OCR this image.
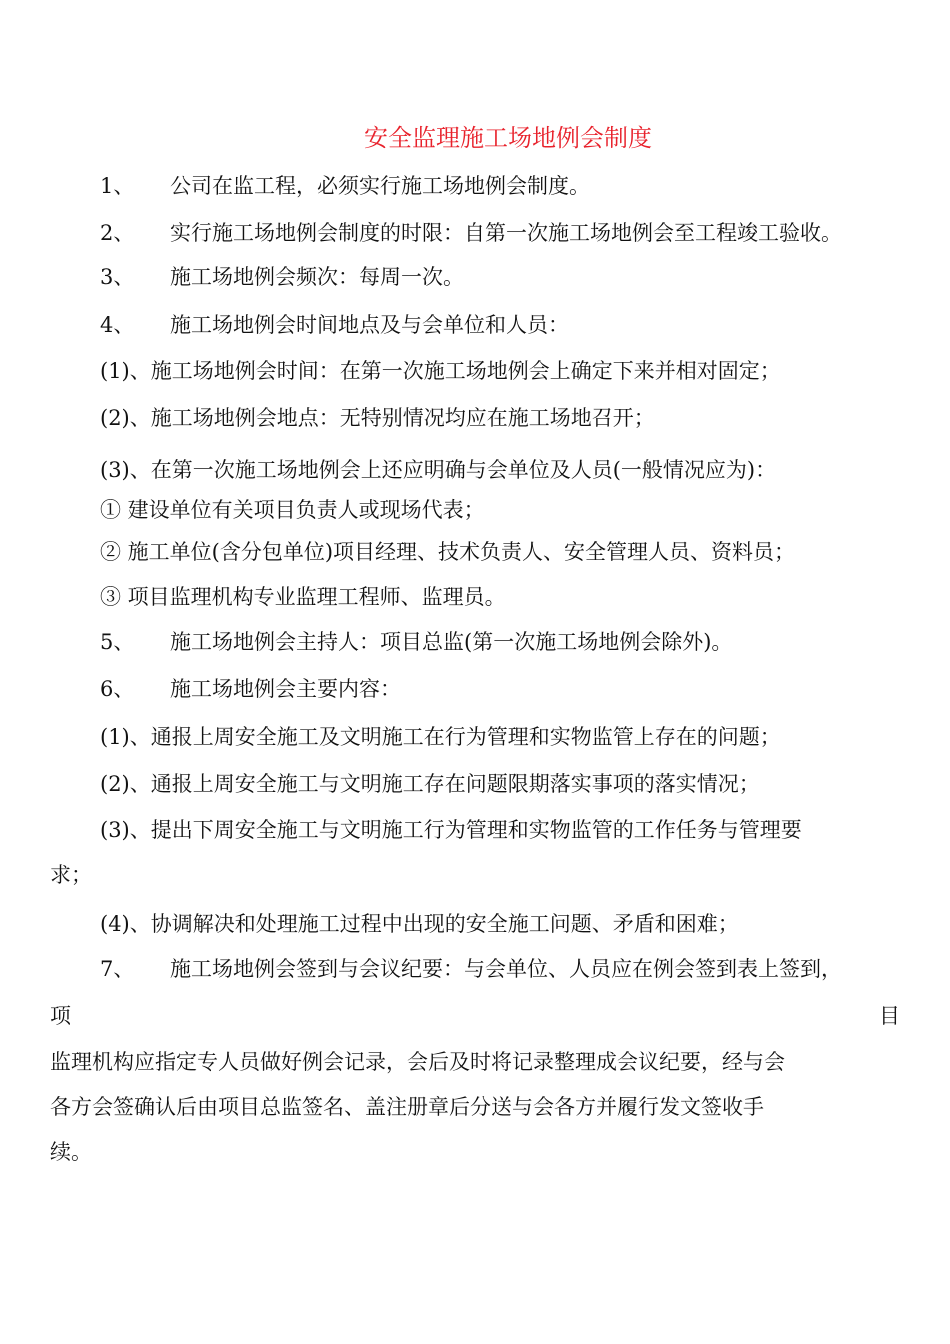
安全监理施工场地例会制度
1、 公司在监工程，必须实行施工场地例会制度。
2、 实行施工场地例会制度的时限：自第一次施工场地例会至工程竣工验收。
3、 施工场地例会频次：每周一次。
4、 施工场地例会时间地点及与会单位和人员：
(1)、施工场地例会时间：在第一次施工场地例会上确定下来并相对固定；
(2)、施工场地例会地点：无特别情况均应在施工场地召开；
(3)、在第一次施工场地例会上还应明确与会单位及人员(一般情况应为)：
① 建设单位有关项目负责人或现场代表；
② 施工单位(含分包单位)项目经理、技术负责人、安全管理人员、资料员；
③ 项目监理机构专业监理工程师、监理员。
5、 施工场地例会主持人：项目总监(第一次施工场地例会除外)。
6、 施工场地例会主要内容：
(1)、通报上周安全施工及文明施工在行为管理和实物监管上存在的问题；
(2)、通报上周安全施工与文明施工存在问题限期落实事项的落实情况；
(3)、提出下周安全施工与文明施工行为管理和实物监管的工作任务与管理要
求；
(4)、协调解决和处理施工过程中出现的安全施工问题、矛盾和困难；
7、 施工场地例会签到与会议纪要：与会单位、人员应在例会签到表上签到，
项	目
监理机构应指定专人员做好例会记录，会后及时将记录整理成会议纪要，经与会
各方会签确认后由项目总监签名、盖注册章后分送与会各方并履行发文签收手
续。
